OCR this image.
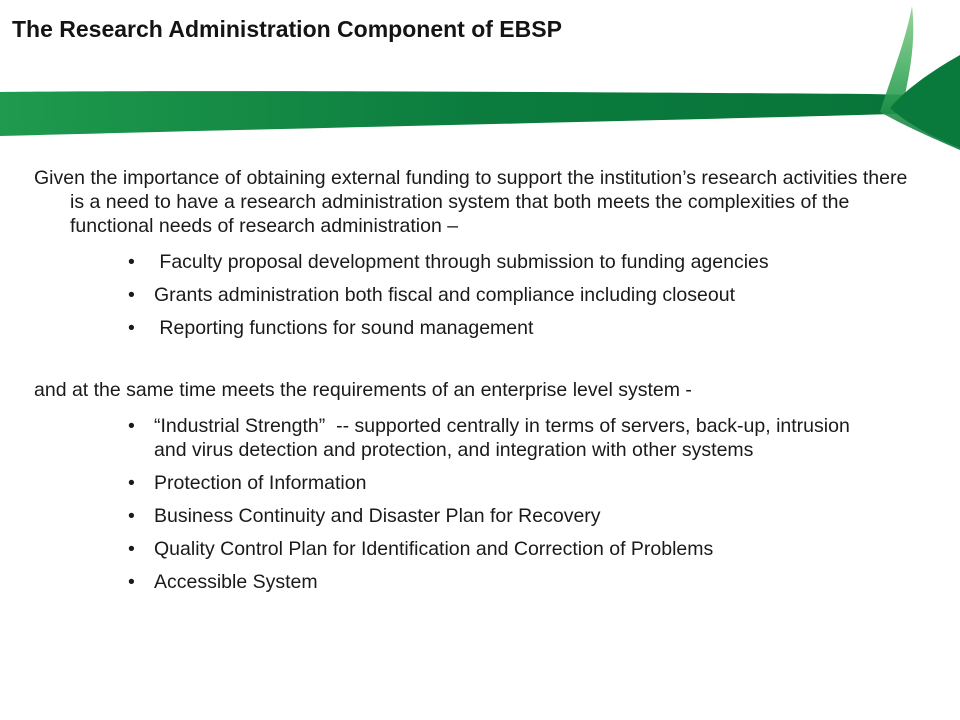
The Research Administration Component of EBSP

Given the importance of obtaining external funding to support the institution’s research activities there is a need to have a research administration system that both meets the complexities of the functional needs of research administration –

• Faculty proposal development through submission to funding agencies
• Grants administration both fiscal and compliance including closeout
• Reporting functions for sound management

and at the same time meets the requirements of an enterprise level system -

• “Industrial Strength”  -- supported centrally in terms of servers, back-up, intrusion and virus detection and protection, and integration with other systems
• Protection of Information
• Business Continuity and Disaster Plan for Recovery
• Quality Control Plan for Identification and Correction of Problems
• Accessible System
